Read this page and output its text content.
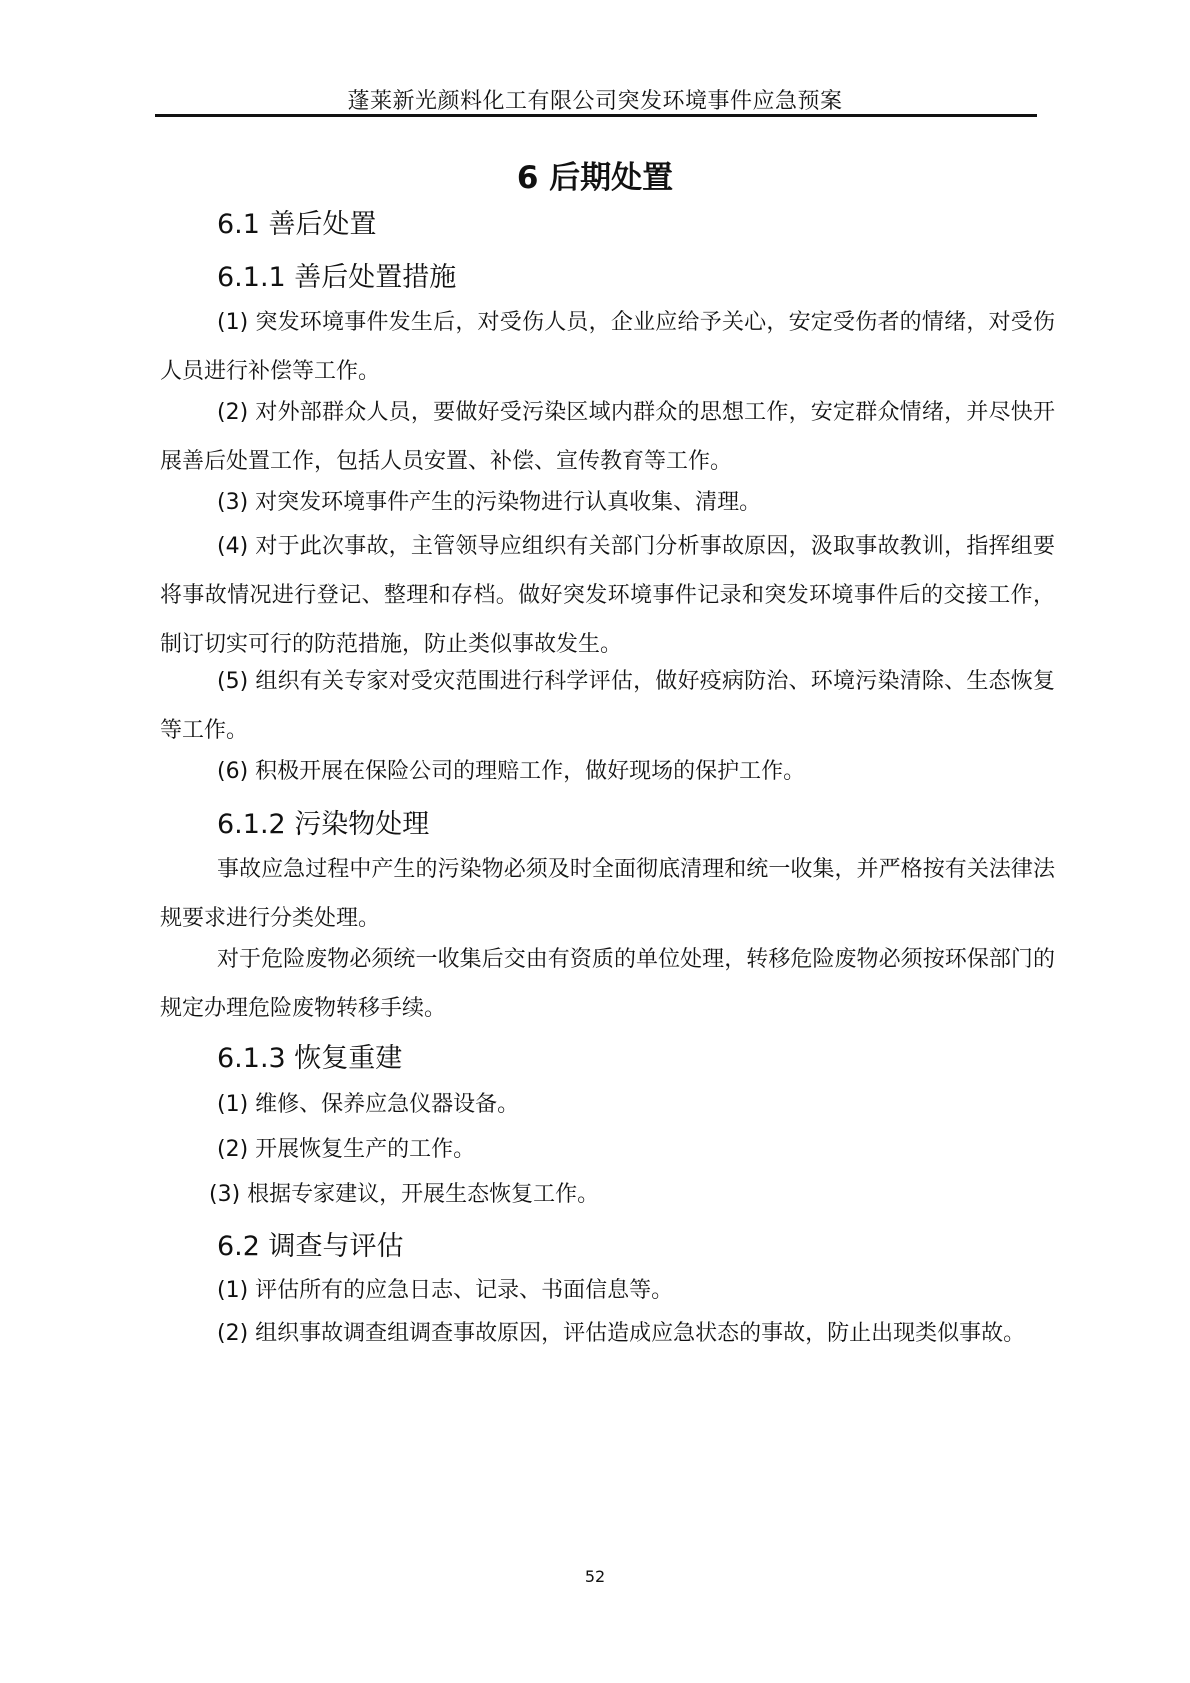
蓬莱新光颜料化工有限公司突发环境事件应急预案
6 后期处置
6.1 善后处置
6.1.1 善后处置措施
(1) 突发环境事件发生后，对受伤人员，企业应给予关心，安定受伤者的情绪，对受伤人员进行补偿等工作。
(2) 对外部群众人员，要做好受污染区域内群众的思想工作，安定群众情绪，并尽快开展善后处置工作，包括人员安置、补偿、宣传教育等工作。
(3) 对突发环境事件产生的污染物进行认真收集、清理。
(4) 对于此次事故，主管领导应组织有关部门分析事故原因，汲取事故教训，指挥组要将事故情况进行登记、整理和存档。做好突发环境事件记录和突发环境事件后的交接工作，制订切实可行的防范措施，防止类似事故发生。
(5) 组织有关专家对受灾范围进行科学评估，做好疫病防治、环境污染清除、生态恢复等工作。
(6) 积极开展在保险公司的理赔工作，做好现场的保护工作。
6.1.2 污染物处理
事故应急过程中产生的污染物必须及时全面彻底清理和统一收集，并严格按有关法律法规要求进行分类处理。
对于危险废物必须统一收集后交由有资质的单位处理，转移危险废物必须按环保部门的规定办理危险废物转移手续。
6.1.3 恢复重建
(1) 维修、保养应急仪器设备。
(2) 开展恢复生产的工作。
(3) 根据专家建议，开展生态恢复工作。
6.2 调查与评估
(1) 评估所有的应急日志、记录、书面信息等。
(2) 组织事故调查组调查事故原因，评估造成应急状态的事故，防止出现类似事故。
52
